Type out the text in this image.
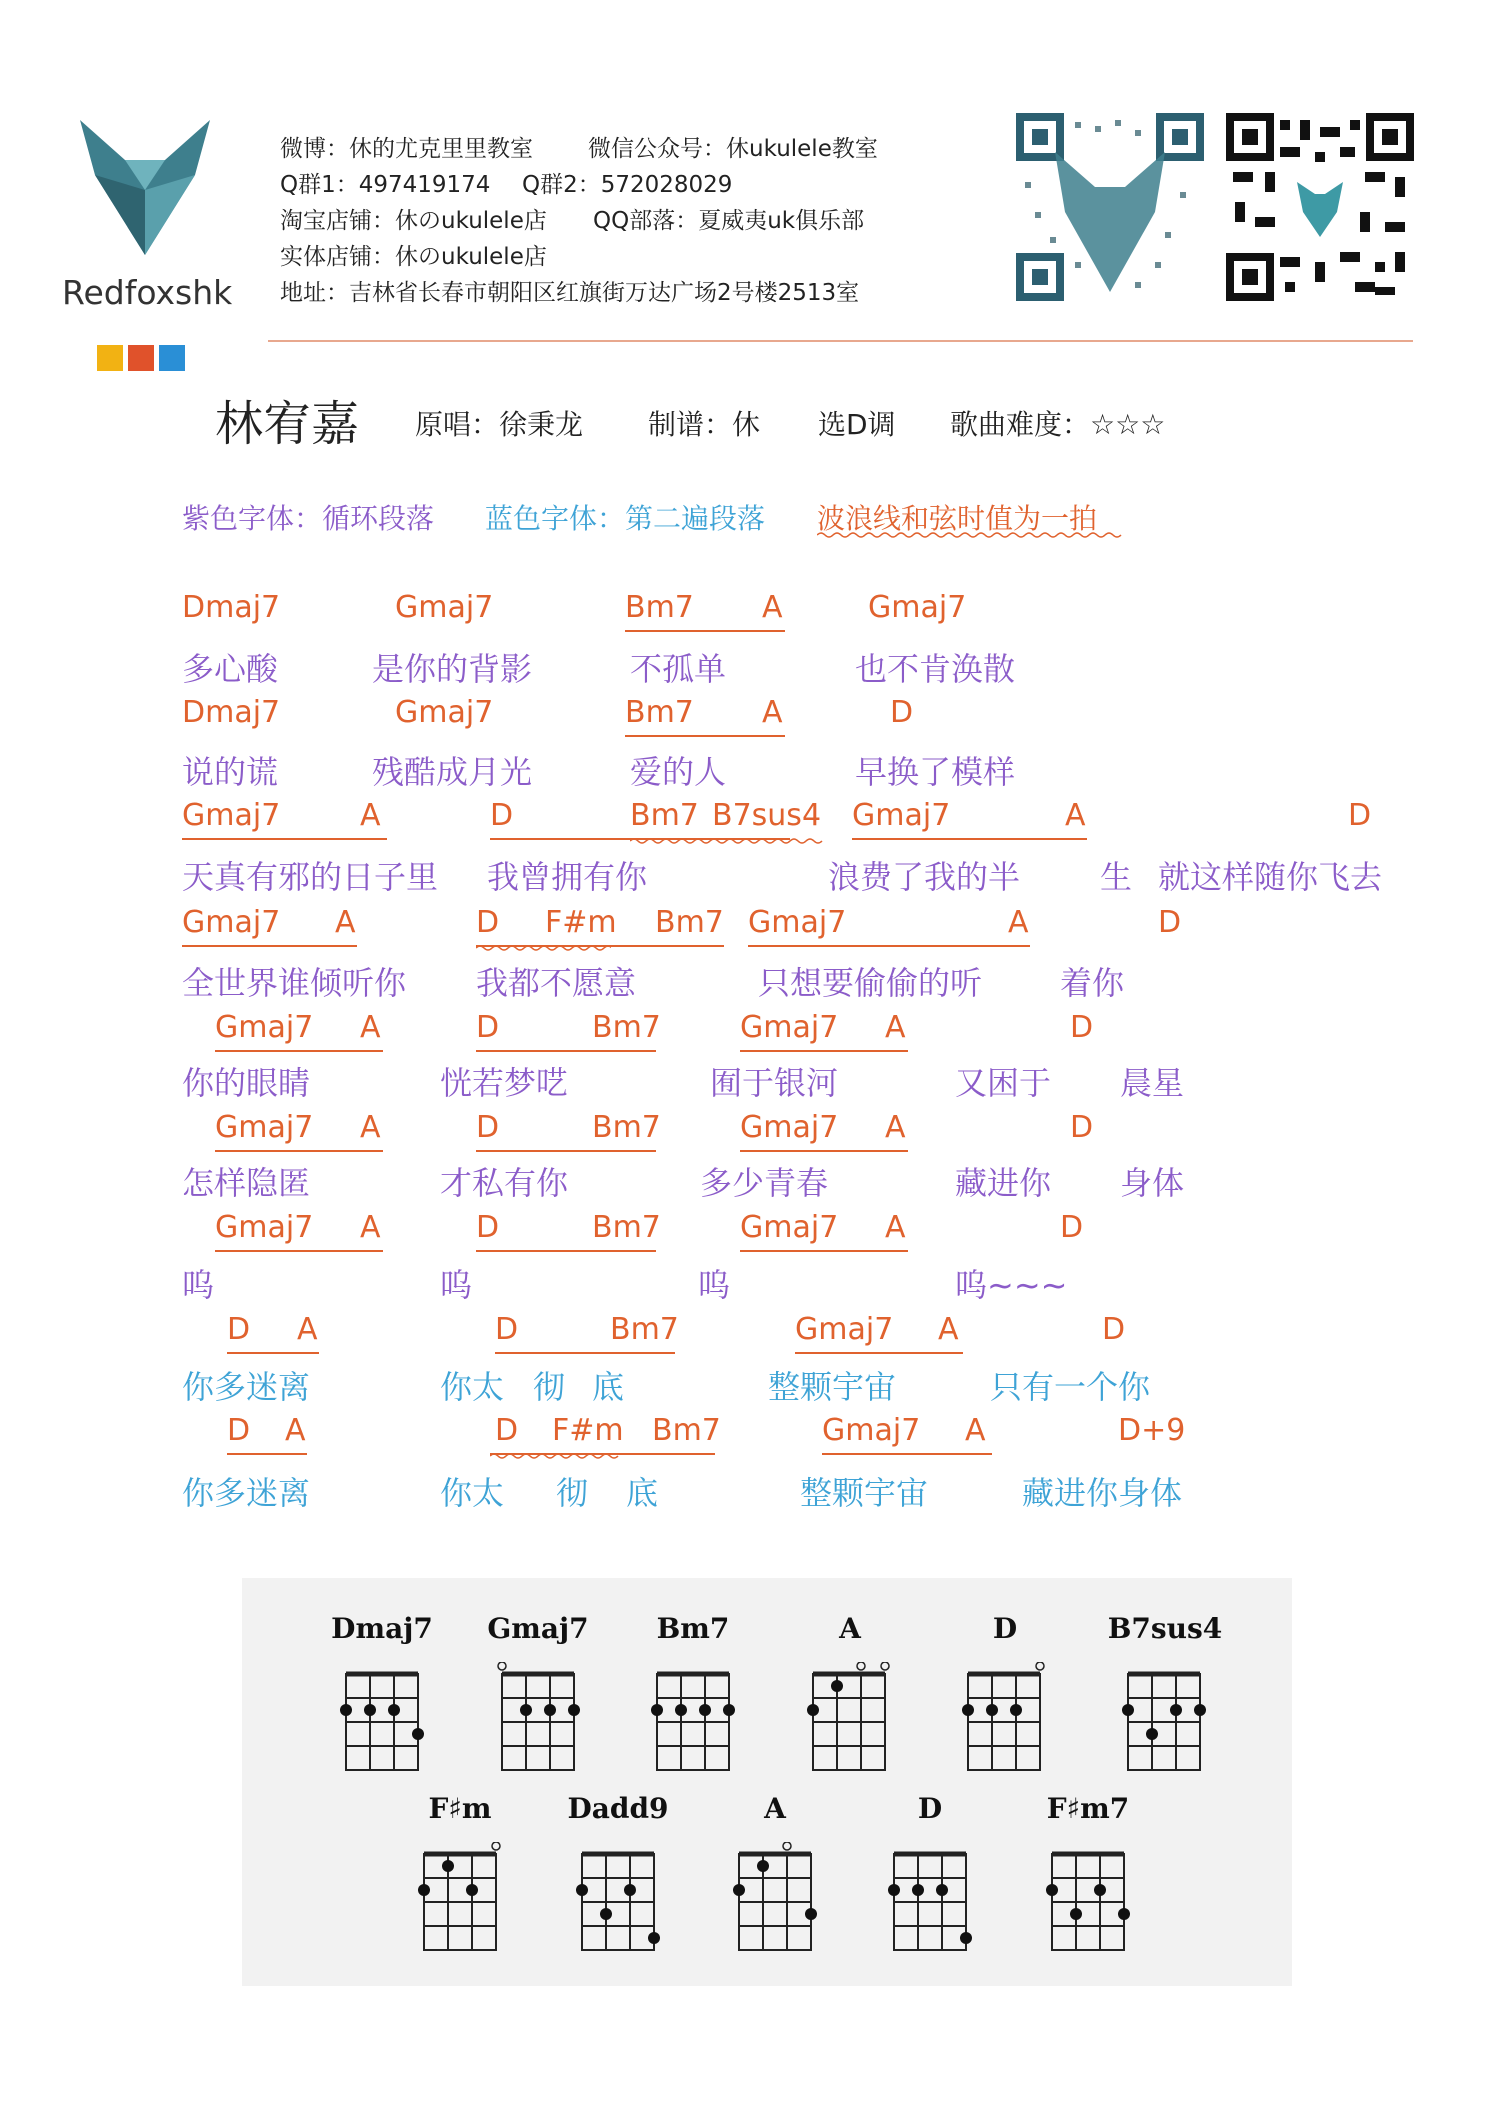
Redfoxshk
微博：休的尤克里里教室 微信公众号：休ukulele教室
Q群1：497419174 Q群2：572028029
淘宝店铺：休のukulele店 QQ部落：夏威夷uk俱乐部
实体店铺：休のukulele店
地址：吉林省长春市朝阳区红旗街万达广场2号楼2513室
林宥嘉 原唱：徐秉龙 制谱：休 选D调 歌曲难度：☆☆☆
紫色字体：循环段落 蓝色字体：第二遍段落 波浪线和弦时值为一拍
Dmaj7	Gmaj7	Bm7 A	Gmaj7
多心酸	是你的背影	不孤单	也不肯涣散
Dmaj7	Gmaj7	Bm7 A	D
说的谎	残酷成月光	爱的人	早换了模样
Gmaj7	A	D	Bm7 B7sus4 Gmaj7	A	D
天真有邪的日子里 我曾拥有你	浪费了我的半 生 就这样随你飞去
Gmaj7 A	D F#m Bm7 Gmaj7	A	D
全世界谁倾听你 我都不愿意	只想要偷偷的听 着你
Gmaj7 A	D	Bm7	Gmaj7 A	D
你的眼睛	恍若梦呓	囿于银河	又困于 晨星
Gmaj7 A	D	Bm7	Gmaj7 A	D
怎样隐匿	才私有你	多少青春	藏进你 身体
Gmaj7 A	D	Bm7	Gmaj7 A	D
呜	呜	呜	呜~~~
D A	D	Bm7	Gmaj7 A	D
你多迷离	你太 彻 底	整颗宇宙	只有一个你
D A	D F#m Bm7	Gmaj7 A	D+9
你多迷离	你太 彻 底	整颗宇宙	藏进你身体
Dmaj7	Gmaj7	Bm7	A	D	B7sus4
F♯m	Dadd9	A	D	F♯m7
